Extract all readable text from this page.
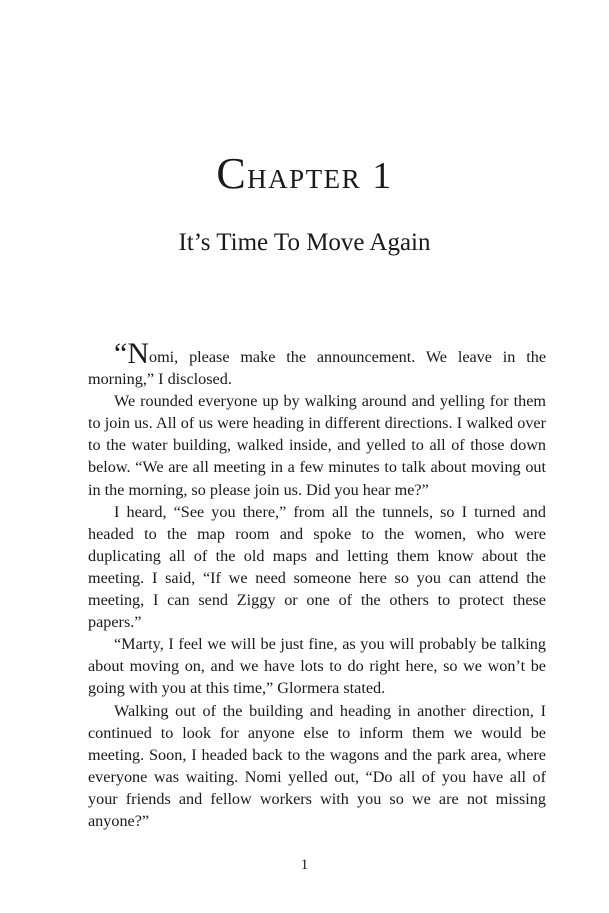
Chapter 1
It’s Time To Move Again

“Nomi, please make the announcement. We leave in the morning,” I disclosed.

We rounded everyone up by walking around and yelling for them to join us. All of us were heading in different directions. I walked over to the water building, walked inside, and yelled to all of those down below. “We are all meeting in a few minutes to talk about moving out in the morning, so please join us. Did you hear me?”

I heard, “See you there,” from all the tunnels, so I turned and headed to the map room and spoke to the women, who were duplicating all of the old maps and letting them know about the meeting. I said, “If we need someone here so you can attend the meeting, I can send Ziggy or one of the others to protect these papers.”

“Marty, I feel we will be just fine, as you will probably be talking about moving on, and we have lots to do right here, so we won’t be going with you at this time,” Glormera stated.

Walking out of the building and heading in another direction, I continued to look for anyone else to inform them we would be meeting. Soon, I headed back to the wagons and the park area, where everyone was waiting. Nomi yelled out, “Do all of you have all of your friends and fellow workers with you so we are not missing anyone?”

1
